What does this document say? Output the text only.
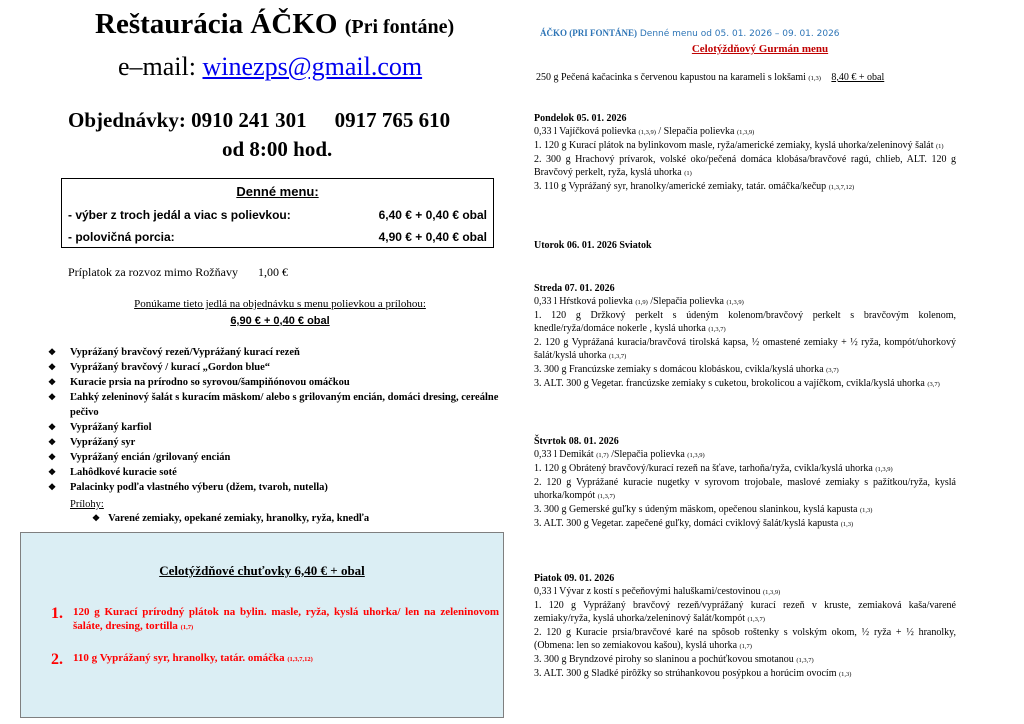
Reštaurácia ÁČKO (Pri fontáne)
e–mail: winezps@gmail.com
Objednávky: 0910 241 301 0917 765 610
od 8:00 hod.
Denné menu:
- výber z troch jedál a viac s polievkou:	6,40 € + 0,40 € obal
- polovičná porcia:	4,90 € + 0,40 € obal
Príplatok za rozvoz mimo Rožňavy 1,00 €
Ponúkame tieto jedlá na objednávku s menu polievkou a prílohou:
6,90 € + 0,40 € obal
❖ Vyprážaný bravčový rezeň/Vyprážaný kurací rezeň
❖ Vyprážaný bravčový / kurací „Gordon blue“
❖ Kuracie prsia na prírodno so syrovou/šampiňónovou omáčkou
❖ Ľahký zeleninový šalát s kuracím mäskom/ alebo s grilovaným encián, domáci dresing, cereálne pečivo
❖ Vyprážaný karfiol
❖ Vyprážaný syr
❖ Vyprážaný encián /grilovaný encián
❖ Lahôdkové kuracie soté
❖ Palacinky podľa vlastného výberu (džem, tvaroh, nutella)
Prílohy:
❖ Varené zemiaky, opekané zemiaky, hranolky, ryža, knedľa
Celotýždňové chuťovky 6,40 € + obal
1. 120 g Kurací prírodný plátok na bylin. masle, ryža, kyslá uhorka/ len na zeleninovom šaláte, dresing, tortilla (1,7)
2. 110 g Vyprážaný syr, hranolky, tatár. omáčka (1,3,7,12)
ÁČKO (PRI FONTÁNE) Denné menu od 05. 01. 2026 – 09. 01. 2026
Celotýždňový Gurmán menu
250 g Pečená kačacinka s červenou kapustou na karameli s lokšami (1,3) 8,40 € + obal
Pondelok 05. 01. 2026
0,33 l Vajíčková polievka (1,3,9) / Slepačia polievka (1,3,9)
1. 120 g Kurací plátok na bylinkovom masle, ryža/americké zemiaky, kyslá uhorka/zeleninový šalát (1)
2. 300 g Hrachový prívarok, volské oko/pečená domáca klobása/bravčové ragú, chlieb, ALT. 120 g Bravčový perkelt, ryža, kyslá uhorka (1)
3. 110 g Vyprážaný syr, hranolky/americké zemiaky, tatár. omáčka/kečup (1,3,7,12)
Utorok 06. 01. 2026 Sviatok
Streda 07. 01. 2026
0,33 l Hŕstková polievka (1,9) /Slepačia polievka (1,3,9)
1. 120 g Držkový perkelt s údeným kolenom/bravčový perkelt s bravčovým kolenom, knedle/ryža/domáce nokerle , kyslá uhorka (1,3,7)
2. 120 g Vyprážaná kuracia/bravčová tirolská kapsa, ½ omastené zemiaky + ½ ryža, kompót/uhorkový šalát/kyslá uhorka (1,3,7)
3. 300 g Francúzske zemiaky s domácou klobáskou, cvikla/kyslá uhorka (3,7)
3. ALT. 300 g Vegetar. francúzske zemiaky s cuketou, brokolicou a vajíčkom, cvikla/kyslá uhorka (3,7)
Štvrtok 08. 01. 2026
0,33 l Demikát (1,7) /Slepačia polievka (1,3,9)
1. 120 g Obrátený bravčový/kurací rezeň na šťave, tarhoňa/ryža, cvikla/kyslá uhorka (1,3,9)
2. 120 g Vyprážané kuracie nugetky v syrovom trojobale, maslové zemiaky s pažítkou/ryža, kyslá uhorka/kompót (1,3,7)
3. 300 g Gemerské guľky s údeným mäskom, opečenou slaninkou, kyslá kapusta (1,3)
3. ALT. 300 g Vegetar. zapečené guľky, domáci cviklový šalát/kyslá kapusta (1,3)
Piatok 09. 01. 2026
0,33 l Vývar z kostí s pečeňovými haluškami/cestovinou (1,3,9)
1. 120 g Vyprážaný bravčový rezeň/vyprážaný kurací rezeň v kruste, zemiaková kaša/varené zemiaky/ryža, kyslá uhorka/zeleninový šalát/kompót (1,3,7)
2. 120 g Kuracie prsia/bravčové karé na spôsob roštenky s volským okom, ½ ryža + ½ hranolky, (Obmena: len so zemiakovou kašou), kyslá uhorka (1,7)
3. 300 g Bryndzové pirohy so slaninou a pochúťkovou smotanou (1,3,7)
3. ALT. 300 g Sladké pirôžky so strúhankovou posýpkou a horúcim ovocím (1,3)
